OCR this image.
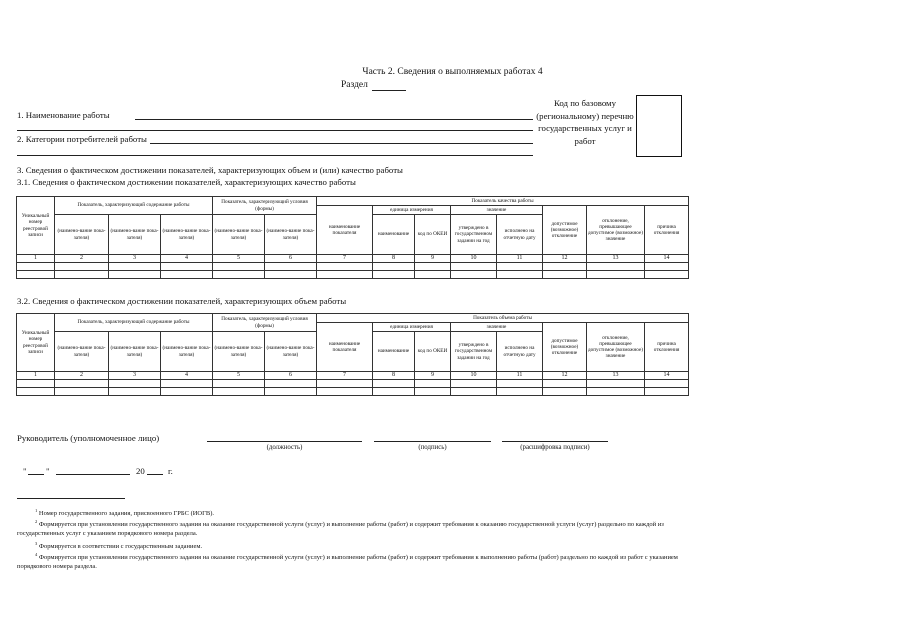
Часть 2. Сведения о выполняемых работах 4
Раздел
1. Наименование работы
2. Категории потребителей работы
Код по базовому (региональному) перечню государственных услуг и работ
3. Сведения о фактическом достижении показателей, характеризующих объем и (или) качество работы
3.1. Сведения о фактическом достижении показателей, характеризующих качество работы
Уникальный номер реестровой записи	Показатель, характеризующий содержание работы			Показатель, характеризующий условия (формы)		Показатель качества работы							
						наименование показателя	единица измерения		значение		допустимое (возможное) отклонение	отклонение, превышающее допустимое (возможное) значение	причина отклонения
	(наимено-вание пока-зателя)	(наимено-вание пока-зателя)	(наимено-вание пока-зателя)	(наимено-вание пока-зателя)	(наимено-вание пока-зателя)		наименование	код по ОКЕИ	утверждено в государственном задании на год	исполнено на отчетную дату			
1	2	3	4	5	6	7	8	9	10	11	12	13	14

3.2. Сведения о фактическом достижении показателей, характеризующих объем работы
Уникальный номер реестровой записи	Показатель, характеризующий содержание работы			Показатель, характеризующий условия (формы)		Показатель объема работы							
						наименование показателя	единица измерения		значение		допустимое (возможное) отклонение	отклонение, превышающее допустимое (возможное) значение	причина отклонения
	(наимено-вание пока-зателя)	(наимено-вание пока-зателя)	(наимено-вание пока-зателя)	(наимено-вание пока-зателя)	(наимено-вание пока-зателя)		наименование	код по ОКЕИ	утверждено в государственном задании на год	исполнено на отчетную дату			
1	2	3	4	5	6	7	8	9	10	11	12	13	14

Руководитель (уполномоченное лицо)
(должность)	(подпись)	(расшифровка подписи)
" "	20	г.
$^1$ Номер государственного задания, присвоенного ГРБС (ИОГВ).
$^2$ Формируется при установлении государственного задания на оказание государственной услуги (услуг) и выполнение работы (работ) и содержит требования к оказанию государственной услуги (услуг) раздельно по каждой из государственных услуг с указанием порядкового номера раздела.
$^3$ Формируется в соответствии с государственным заданием.
$^4$ Формируется при установлении государственного задания на оказание государственной услуги (услуг) и выполнение работы (работ) и содержит требования к выполнению работы (работ) раздельно по каждой из работ с указанием порядкового номера раздела.
